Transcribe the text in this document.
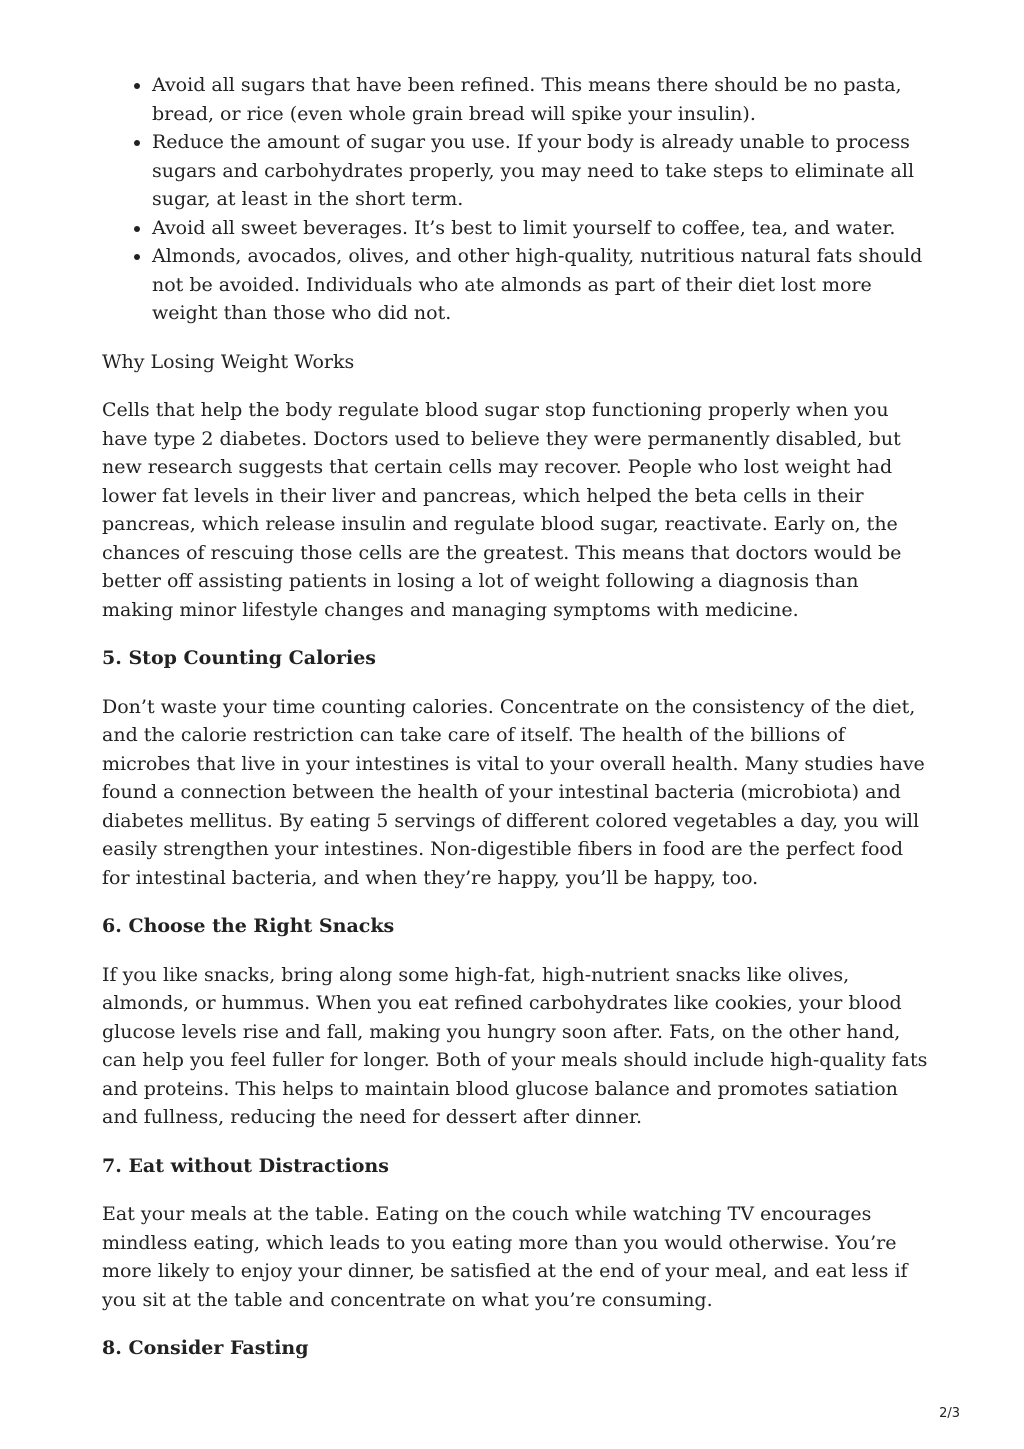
• Avoid all sugars that have been refined. This means there should be no pasta, bread, or rice (even whole grain bread will spike your insulin).
• Reduce the amount of sugar you use. If your body is already unable to process sugars and carbohydrates properly, you may need to take steps to eliminate all sugar, at least in the short term.
• Avoid all sweet beverages. It’s best to limit yourself to coffee, tea, and water.
• Almonds, avocados, olives, and other high-quality, nutritious natural fats should not be avoided. Individuals who ate almonds as part of their diet lost more weight than those who did not.

Why Losing Weight Works

Cells that help the body regulate blood sugar stop functioning properly when you have type 2 diabetes. Doctors used to believe they were permanently disabled, but new research suggests that certain cells may recover. People who lost weight had lower fat levels in their liver and pancreas, which helped the beta cells in their pancreas, which release insulin and regulate blood sugar, reactivate. Early on, the chances of rescuing those cells are the greatest. This means that doctors would be better off assisting patients in losing a lot of weight following a diagnosis than making minor lifestyle changes and managing symptoms with medicine.

5. Stop Counting Calories

Don’t waste your time counting calories. Concentrate on the consistency of the diet, and the calorie restriction can take care of itself. The health of the billions of microbes that live in your intestines is vital to your overall health. Many studies have found a connection between the health of your intestinal bacteria (microbiota) and diabetes mellitus. By eating 5 servings of different colored vegetables a day, you will easily strengthen your intestines. Non-digestible fibers in food are the perfect food for intestinal bacteria, and when they’re happy, you’ll be happy, too.

6. Choose the Right Snacks

If you like snacks, bring along some high-fat, high-nutrient snacks like olives, almonds, or hummus. When you eat refined carbohydrates like cookies, your blood glucose levels rise and fall, making you hungry soon after. Fats, on the other hand, can help you feel fuller for longer. Both of your meals should include high-quality fats and proteins. This helps to maintain blood glucose balance and promotes satiation and fullness, reducing the need for dessert after dinner.

7. Eat without Distractions

Eat your meals at the table. Eating on the couch while watching TV encourages mindless eating, which leads to you eating more than you would otherwise. You’re more likely to enjoy your dinner, be satisfied at the end of your meal, and eat less if you sit at the table and concentrate on what you’re consuming.

8. Consider Fasting
2/3
